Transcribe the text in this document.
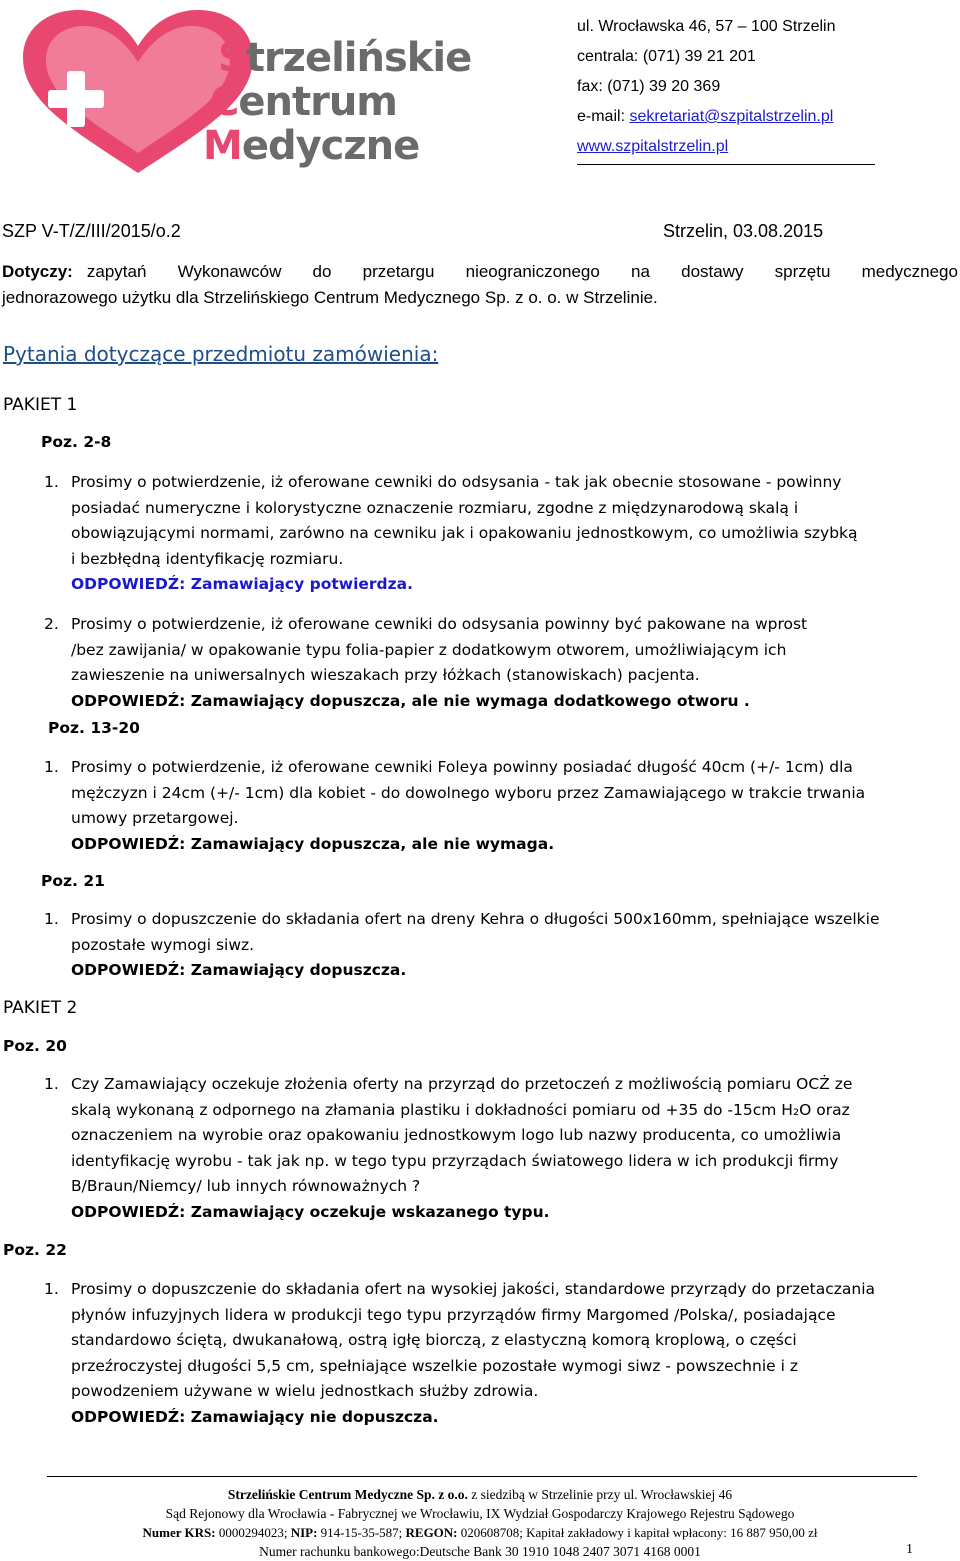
Strzelińskie
Centrum
Medyczne
ul. Wrocławska 46, 57 – 100 Strzelin
centrala: (071) 39 21 201
fax: (071) 39 20 369
e-mail: sekretariat@szpitalstrzelin.pl
www.szpitalstrzelin.pl
SZP V-T/Z/III/2015/o.2	Strzelin, 03.08.2015
Dotyczy: zapytań Wykonawców do przetargu nieograniczonego na dostawy sprzętu medycznego
jednorazowego użytku dla Strzelińskiego Centrum Medycznego Sp. z o. o. w Strzelinie.
Pytania dotyczące przedmiotu zamówienia:
PAKIET 1
Poz. 2-8
1. Prosimy o potwierdzenie, iż oferowane cewniki do odsysania - tak jak obecnie stosowane - powinny
posiadać numeryczne i kolorystyczne oznaczenie rozmiaru, zgodne z międzynarodową skalą i
obowiązującymi normami, zarówno na cewniku jak i opakowaniu jednostkowym, co umożliwia szybką
i bezbłędną identyfikację rozmiaru.
ODPOWIEDŹ: Zamawiający potwierdza.
2. Prosimy o potwierdzenie, iż oferowane cewniki do odsysania powinny być pakowane na wprost
/bez zawijania/ w opakowanie typu folia-papier z dodatkowym otworem, umożliwiającym ich
zawieszenie na uniwersalnych wieszakach przy łóżkach (stanowiskach) pacjenta.
ODPOWIEDŹ: Zamawiający dopuszcza, ale nie wymaga dodatkowego otworu .
Poz. 13-20
1. Prosimy o potwierdzenie, iż oferowane cewniki Foleya powinny posiadać długość 40cm (+/- 1cm) dla
mężczyzn i 24cm (+/- 1cm) dla kobiet - do dowolnego wyboru przez Zamawiającego w trakcie trwania
umowy przetargowej.
ODPOWIEDŹ: Zamawiający dopuszcza, ale nie wymaga.
Poz. 21
1. Prosimy o dopuszczenie do składania ofert na dreny Kehra o długości 500x160mm, spełniające wszelkie
pozostałe wymogi siwz.
ODPOWIEDŹ: Zamawiający dopuszcza.
PAKIET 2
Poz. 20
1. Czy Zamawiający oczekuje złożenia oferty na przyrząd do przetoczeń z możliwością pomiaru OCŻ ze
skalą wykonaną z odpornego na złamania plastiku i dokładności pomiaru od +35 do -15cm H₂O oraz
oznaczeniem na wyrobie oraz opakowaniu jednostkowym logo lub nazwy producenta, co umożliwia
identyfikację wyrobu - tak jak np. w tego typu przyrządach światowego lidera w ich produkcji firmy
B/Braun/Niemcy/ lub innych równoważnych ?
ODPOWIEDŹ: Zamawiający oczekuje wskazanego typu.
Poz. 22
1. Prosimy o dopuszczenie do składania ofert na wysokiej jakości, standardowe przyrządy do przetaczania
płynów infuzyjnych lidera w produkcji tego typu przyrządów firmy Margomed /Polska/, posiadające
standardowo ściętą, dwukanałową, ostrą igłę biorczą, z elastyczną komorą kroplową, o części
przeźroczystej długości 5,5 cm, spełniające wszelkie pozostałe wymogi siwz - powszechnie i z
powodzeniem używane w wielu jednostkach służby zdrowia.
ODPOWIEDŹ: Zamawiający nie dopuszcza.
Strzelińskie Centrum Medyczne Sp. z o.o. z siedzibą w Strzelinie przy ul. Wrocławskiej 46
Sąd Rejonowy dla Wrocławia - Fabrycznej we Wrocławiu, IX Wydział Gospodarczy Krajowego Rejestru Sądowego
Numer KRS: 0000294023; NIP: 914-15-35-587; REGON: 020608708; Kapitał zakładowy i kapitał wpłacony: 16 887 950,00 zł
Numer rachunku bankowego:Deutsche Bank 30 1910 1048 2407 3071 4168 0001	1
